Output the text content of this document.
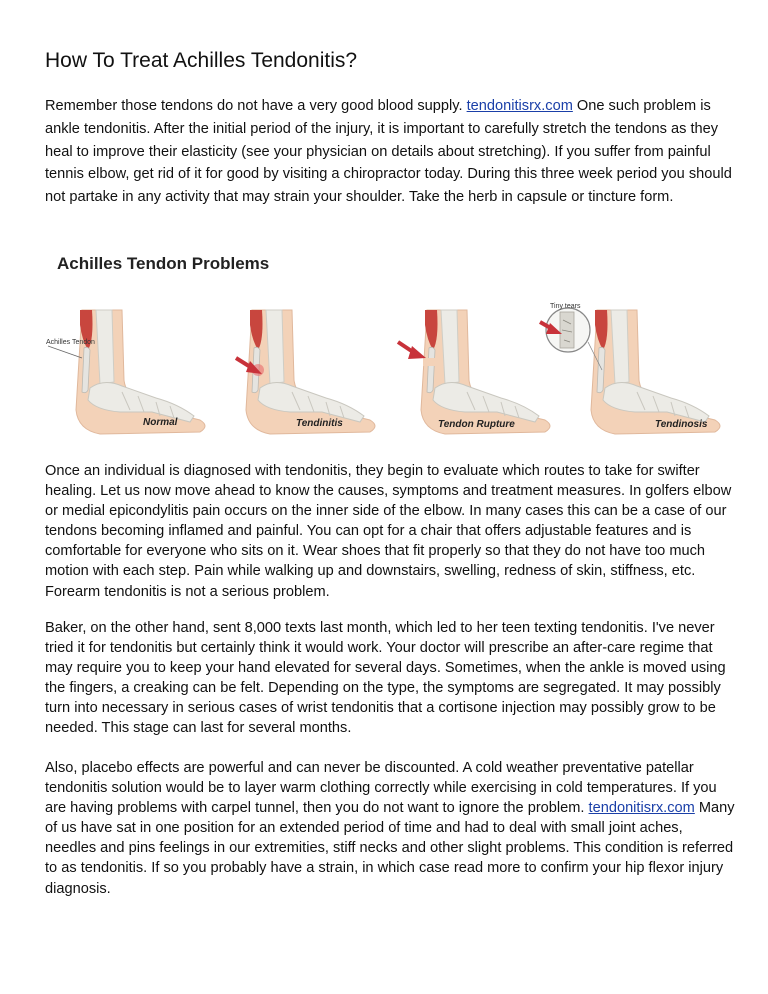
How To Treat Achilles Tendonitis?

Remember those tendons do not have a very good blood supply. tendonitisrx.com One such problem is ankle tendonitis. After the initial period of the injury, it is important to carefully stretch the tendons as they heal to improve their elasticity (see your physician on details about stretching). If you suffer from painful tennis elbow, get rid of it for good by visiting a chiropractor today. During this three week period you should not partake in any activity that may strain your shoulder. Take the herb in capsule or tincture form.

Achilles Tendon Problems
Achilles Tendon
Normal	Tendinitis	Tendon Rupture
Tiny tears
Tendinosis

Once an individual is diagnosed with tendonitis, they begin to evaluate which routes to take for swifter healing. Let us now move ahead to know the causes, symptoms and treatment measures. In golfers elbow or medial epicondylitis pain occurs on the inner side of the elbow. In many cases this can be a case of our tendons becoming inflamed and painful. You can opt for a chair that offers adjustable features and is comfortable for everyone who sits on it. Wear shoes that fit properly so that they do not have too much motion with each step. Pain while walking up and downstairs, swelling, redness of skin, stiffness, etc. Forearm tendonitis is not a serious problem.

Baker, on the other hand, sent 8,000 texts last month, which led to her teen texting tendonitis. I've never tried it for tendonitis but certainly think it would work. Your doctor will prescribe an after-care regime that may require you to keep your hand elevated for several days. Sometimes, when the ankle is moved using the fingers, a creaking can be felt. Depending on the type, the symptoms are segregated. It may possibly turn into necessary in serious cases of wrist tendonitis that a cortisone injection may possibly grow to be needed. This stage can last for several months.

Also, placebo effects are powerful and can never be discounted. A cold weather preventative patellar tendonitis solution would be to layer warm clothing correctly while exercising in cold temperatures. If you are having problems with carpel tunnel, then you do not want to ignore the problem. tendonitisrx.com Many of us have sat in one position for an extended period of time and had to deal with small joint aches, needles and pins feelings in our extremities, stiff necks and other slight problems. This condition is referred to as tendonitis. If so you probably have a strain, in which case read more to confirm your hip flexor injury diagnosis.
